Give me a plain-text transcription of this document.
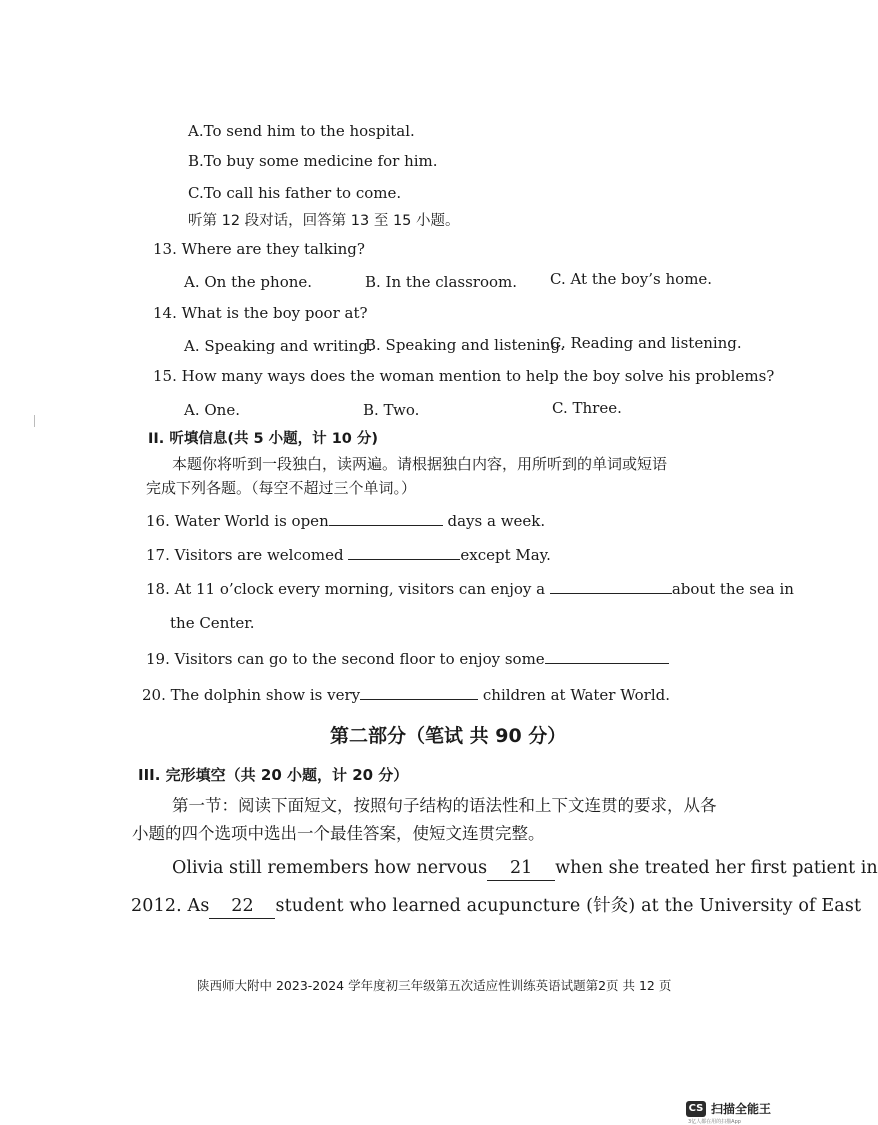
A.To send him to the hospital.
B.To buy some medicine for him.
C.To call his father to come.
听第 12 段对话，回答第 13 至 15 小题。
13. Where are they talking?
A. On the phone.	B. In the classroom. C. At the boy’s home.
14. What is the boy poor at?
A. Speaking and writing.
B. Speaking and listening.
C. Reading and listening.
15. How many ways does the woman mention to help the boy solve his problems?
A. One.	B. Two.	C. Three.
II. 听填信息(共 5 小题，计 10 分)
本题你将听到一段独白，读两遍。请根据独白内容，用所听到的单词或短语
完成下列各题。（每空不超过三个单词。）
16. Water World is open	days a week.
17. Visitors are welcomed	except May.
18. At 11 o’clock every morning, visitors can enjoy a	about the sea in
the Center.
19. Visitors can go to the second floor to enjoy some
20. The dolphin show is very	children at Water World.
第二部分（笔试 共 90 分）
III. 完形填空（共 20 小题，计 20 分）
第一节：阅读下面短文，按照句子结构的语法性和上下文连贯的要求，从各
小题的四个选项中选出一个最佳答案，使短文连贯完整。
Olivia still remembers how nervous 21 when she treated her first patient in
2012. As 22 student who learned acupuncture (针灸) at the University of East
陕西师大附中 2023-2024 学年度初三年级第五次适应性训练英语试题第2页 共 12 页
CS 扫描全能王
3亿人都在用的扫描App
